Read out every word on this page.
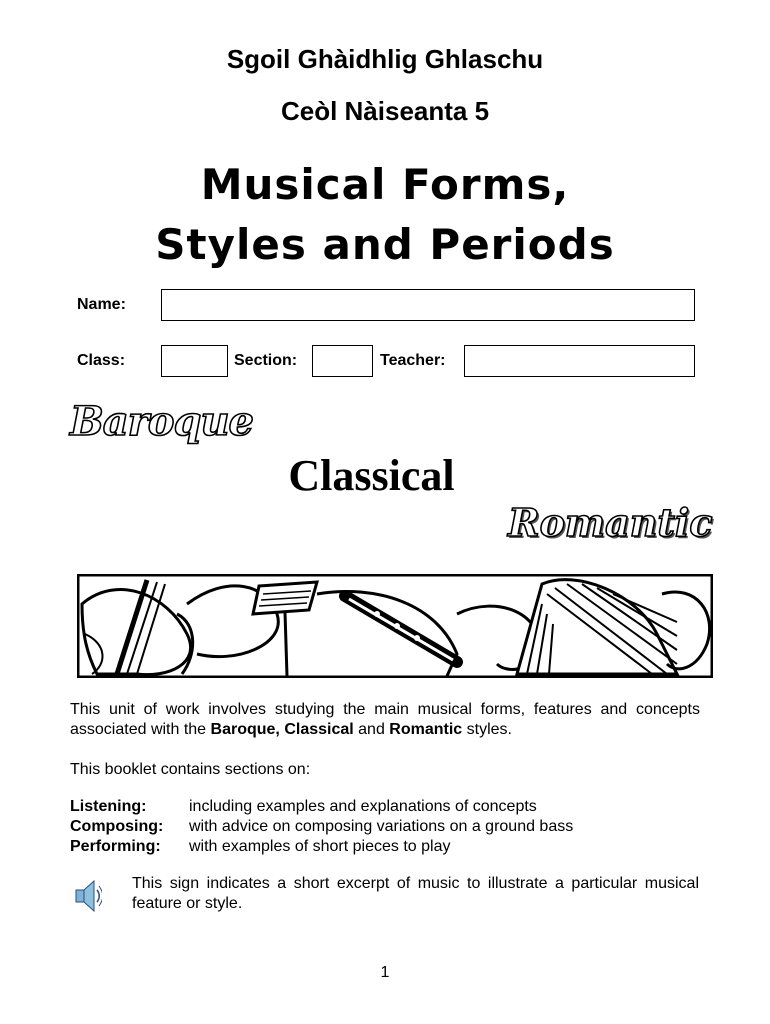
Sgoil Ghàidhlig Ghlaschu
Ceòl Nàiseanta 5
Musical Forms,
Styles and Periods
Name:
Class:	Section:	Teacher:
Baroque
Classical
Romantic
This unit of work involves studying the main musical forms, features and concepts associated with the Baroque, Classical and Romantic styles.
This booklet contains sections on:
Listening:	including examples and explanations of concepts
Composing: with advice on composing variations on a ground bass
Performing: with examples of short pieces to play
This sign indicates a short excerpt of music to illustrate a particular musical feature or style.
1
